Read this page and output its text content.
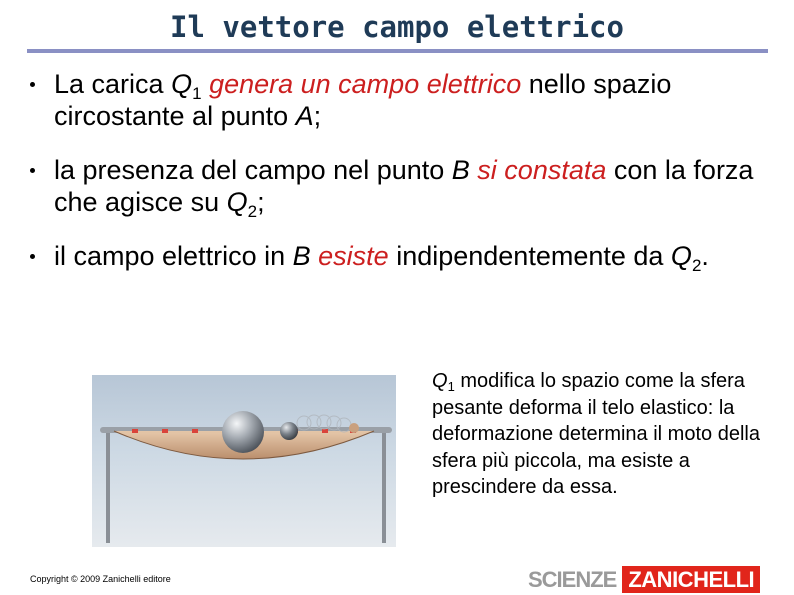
Il vettore campo elettrico
La carica $Q_1$ genera un campo elettrico nello spazio circostante al punto A;
la presenza del campo nel punto B si constata con la forza che agisce su $Q_2$;
il campo elettrico in B esiste indipendentemente da $Q_2$.
$Q_1$ modifica lo spazio come la sfera pesante deforma il telo elastico: la deformazione determina il moto della sfera più piccola, ma esiste a prescindere da essa.
Copyright © 2009 Zanichelli editore	SCIENZE ZANICHELLI
